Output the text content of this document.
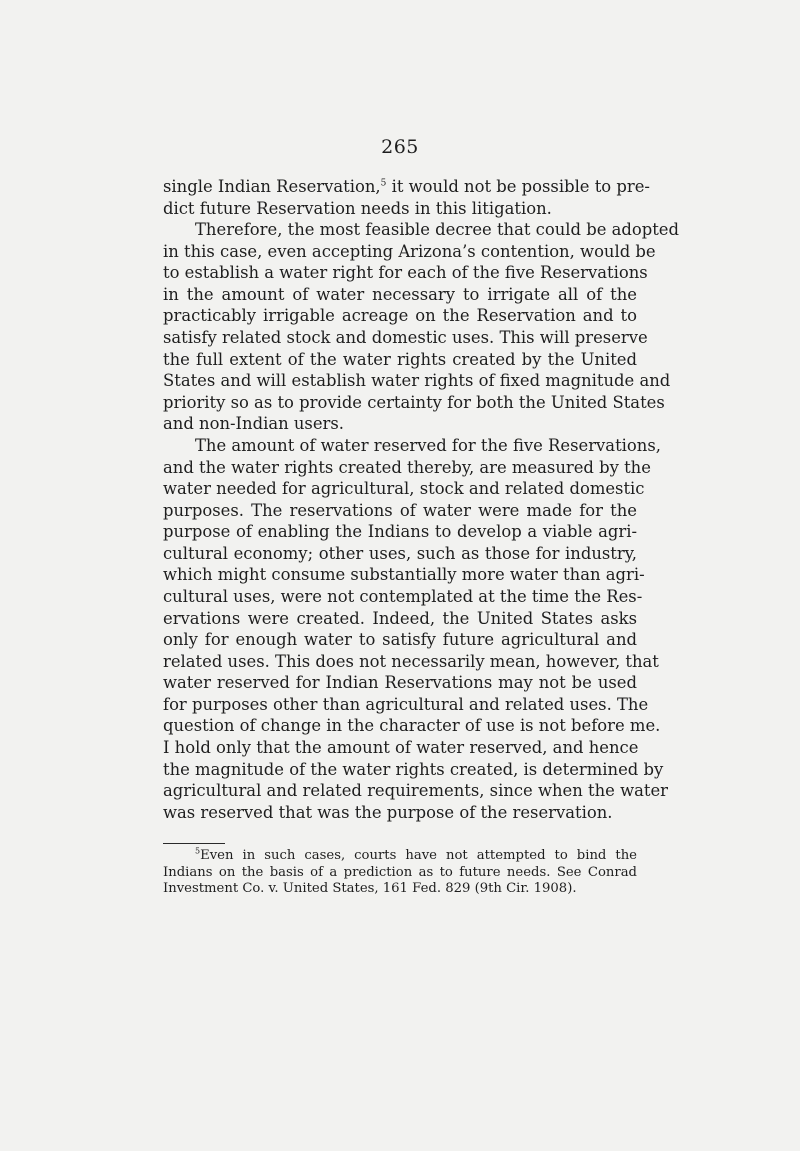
265
single Indian Reservation,$^5$ it would not be possible to pre-
dict future Reservation needs in this litigation.
Therefore, the most feasible decree that could be adopted
in this case, even accepting Arizona’s contention, would be
to establish a water right for each of the five Reservations
in the amount of water necessary to irrigate all of the
practicably irrigable acreage on the Reservation and to
satisfy related stock and domestic uses. This will preserve
the full extent of the water rights created by the United
States and will establish water rights of fixed magnitude and
priority so as to provide certainty for both the United States
and non-Indian users.
The amount of water reserved for the five Reservations,
and the water rights created thereby, are measured by the
water needed for agricultural, stock and related domestic
purposes. The reservations of water were made for the
purpose of enabling the Indians to develop a viable agri-
cultural economy; other uses, such as those for industry,
which might consume substantially more water than agri-
cultural uses, were not contemplated at the time the Res-
ervations were created. Indeed, the United States asks
only for enough water to satisfy future agricultural and
related uses. This does not necessarily mean, however, that
water reserved for Indian Reservations may not be used
for purposes other than agricultural and related uses. The
question of change in the character of use is not before me.
I hold only that the amount of water reserved, and hence
the magnitude of the water rights created, is determined by
agricultural and related requirements, since when the water
was reserved that was the purpose of the reservation.
$^5$Even in such cases, courts have not attempted to bind the
Indians on the basis of a prediction as to future needs. See Conrad
Investment Co. v. United States, 161 Fed. 829 (9th Cir. 1908).
